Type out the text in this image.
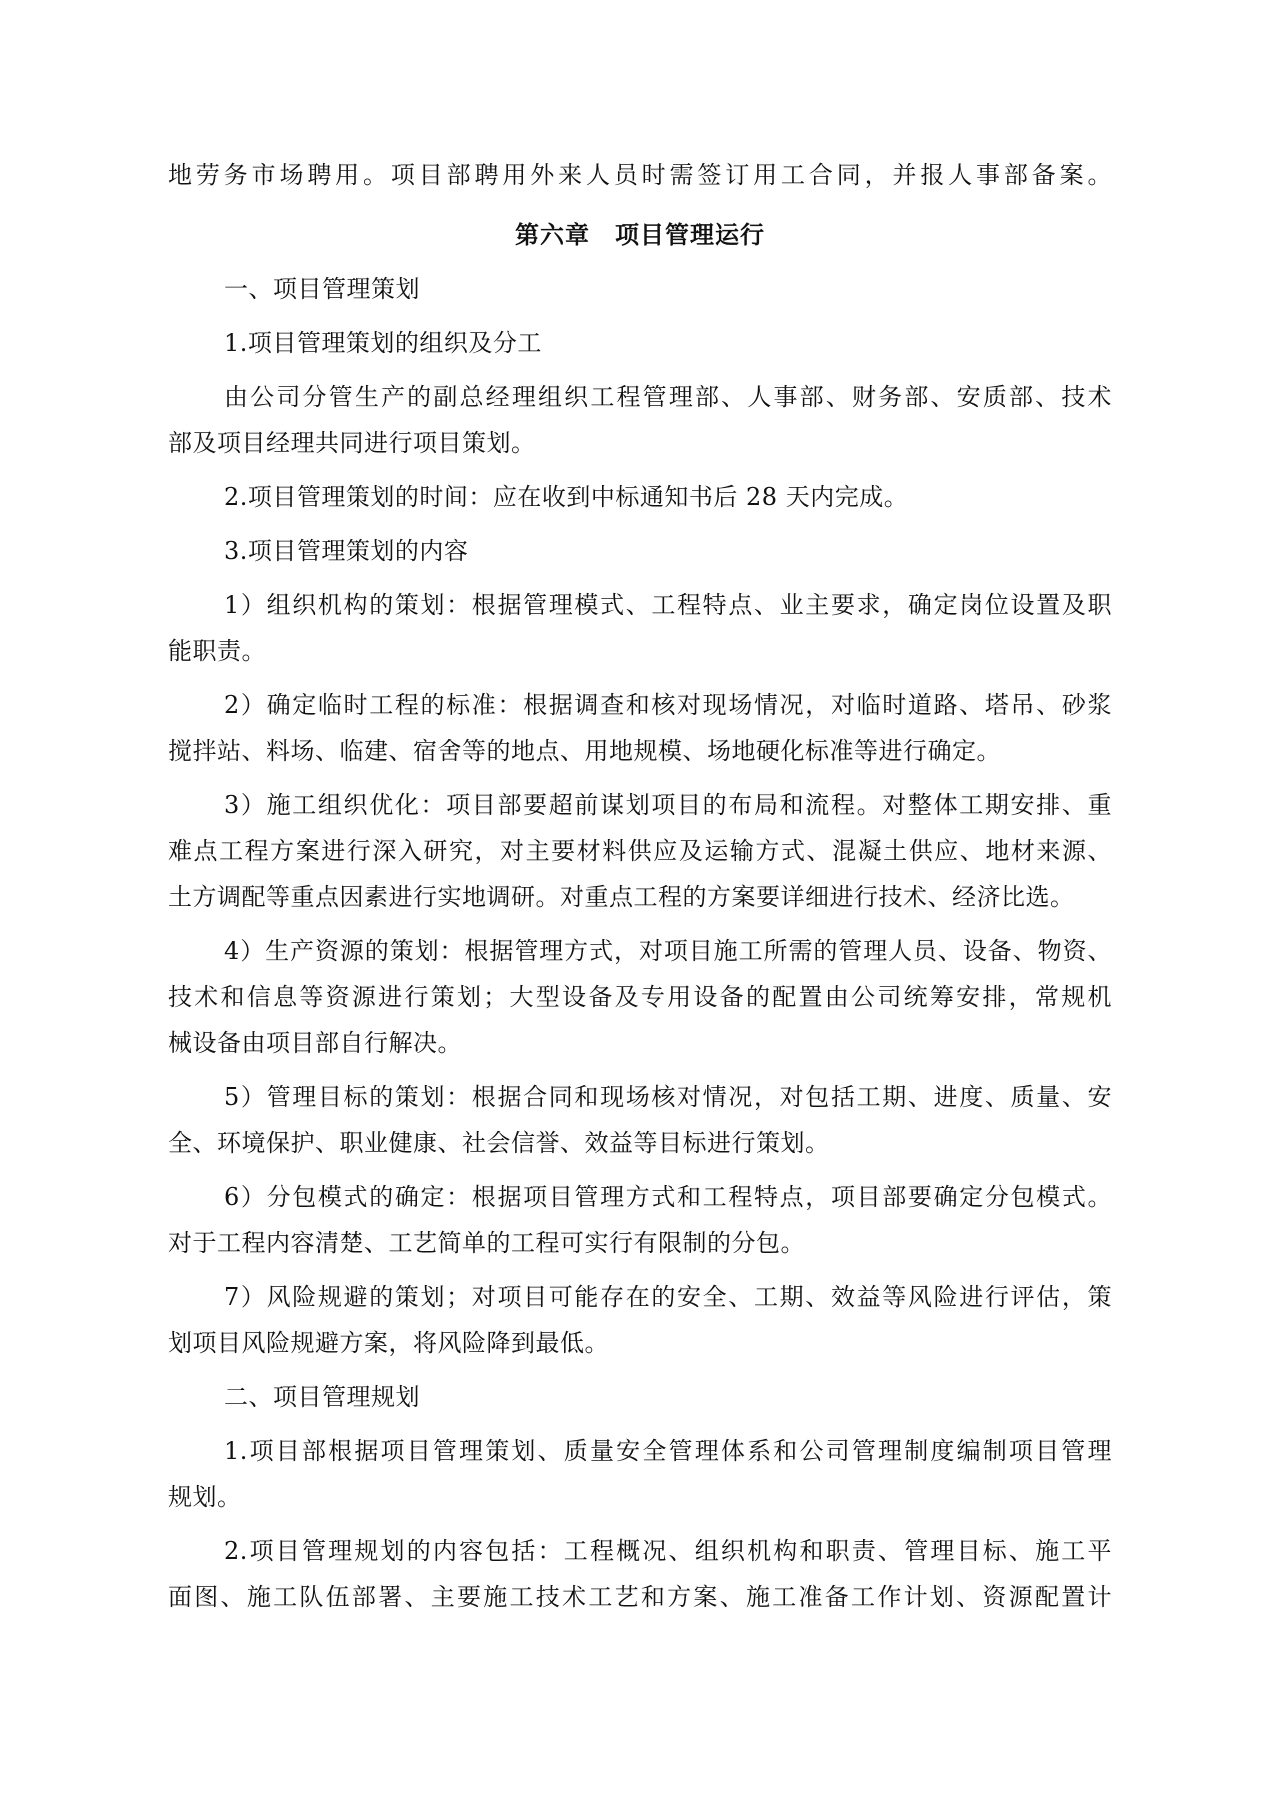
地劳务市场聘用。项目部聘用外来人员时需签订用工合同，并报人事部备案。
第六章　项目管理运行
一、项目管理策划
1.项目管理策划的组织及分工
由公司分管生产的副总经理组织工程管理部、人事部、财务部、安质部、技术
部及项目经理共同进行项目策划。
2.项目管理策划的时间：应在收到中标通知书后 28 天内完成。
3.项目管理策划的内容
1）组织机构的策划：根据管理模式、工程特点、业主要求，确定岗位设置及职
能职责。
2）确定临时工程的标准：根据调查和核对现场情况，对临时道路、塔吊、砂浆
搅拌站、料场、临建、宿舍等的地点、用地规模、场地硬化标准等进行确定。
3）施工组织优化：项目部要超前谋划项目的布局和流程。对整体工期安排、重
难点工程方案进行深入研究，对主要材料供应及运输方式、混凝土供应、地材来源、
土方调配等重点因素进行实地调研。对重点工程的方案要详细进行技术、经济比选。
4）生产资源的策划：根据管理方式，对项目施工所需的管理人员、设备、物资、
技术和信息等资源进行策划；大型设备及专用设备的配置由公司统筹安排，常规机
械设备由项目部自行解决。
5）管理目标的策划：根据合同和现场核对情况，对包括工期、进度、质量、安
全、环境保护、职业健康、社会信誉、效益等目标进行策划。
6）分包模式的确定：根据项目管理方式和工程特点，项目部要确定分包模式。
对于工程内容清楚、工艺简单的工程可实行有限制的分包。
7）风险规避的策划；对项目可能存在的安全、工期、效益等风险进行评估，策
划项目风险规避方案，将风险降到最低。
二、项目管理规划
1.项目部根据项目管理策划、质量安全管理体系和公司管理制度编制项目管理
规划。
2.项目管理规划的内容包括：工程概况、组织机构和职责、管理目标、施工平
面图、施工队伍部署、主要施工技术工艺和方案、施工准备工作计划、资源配置计
